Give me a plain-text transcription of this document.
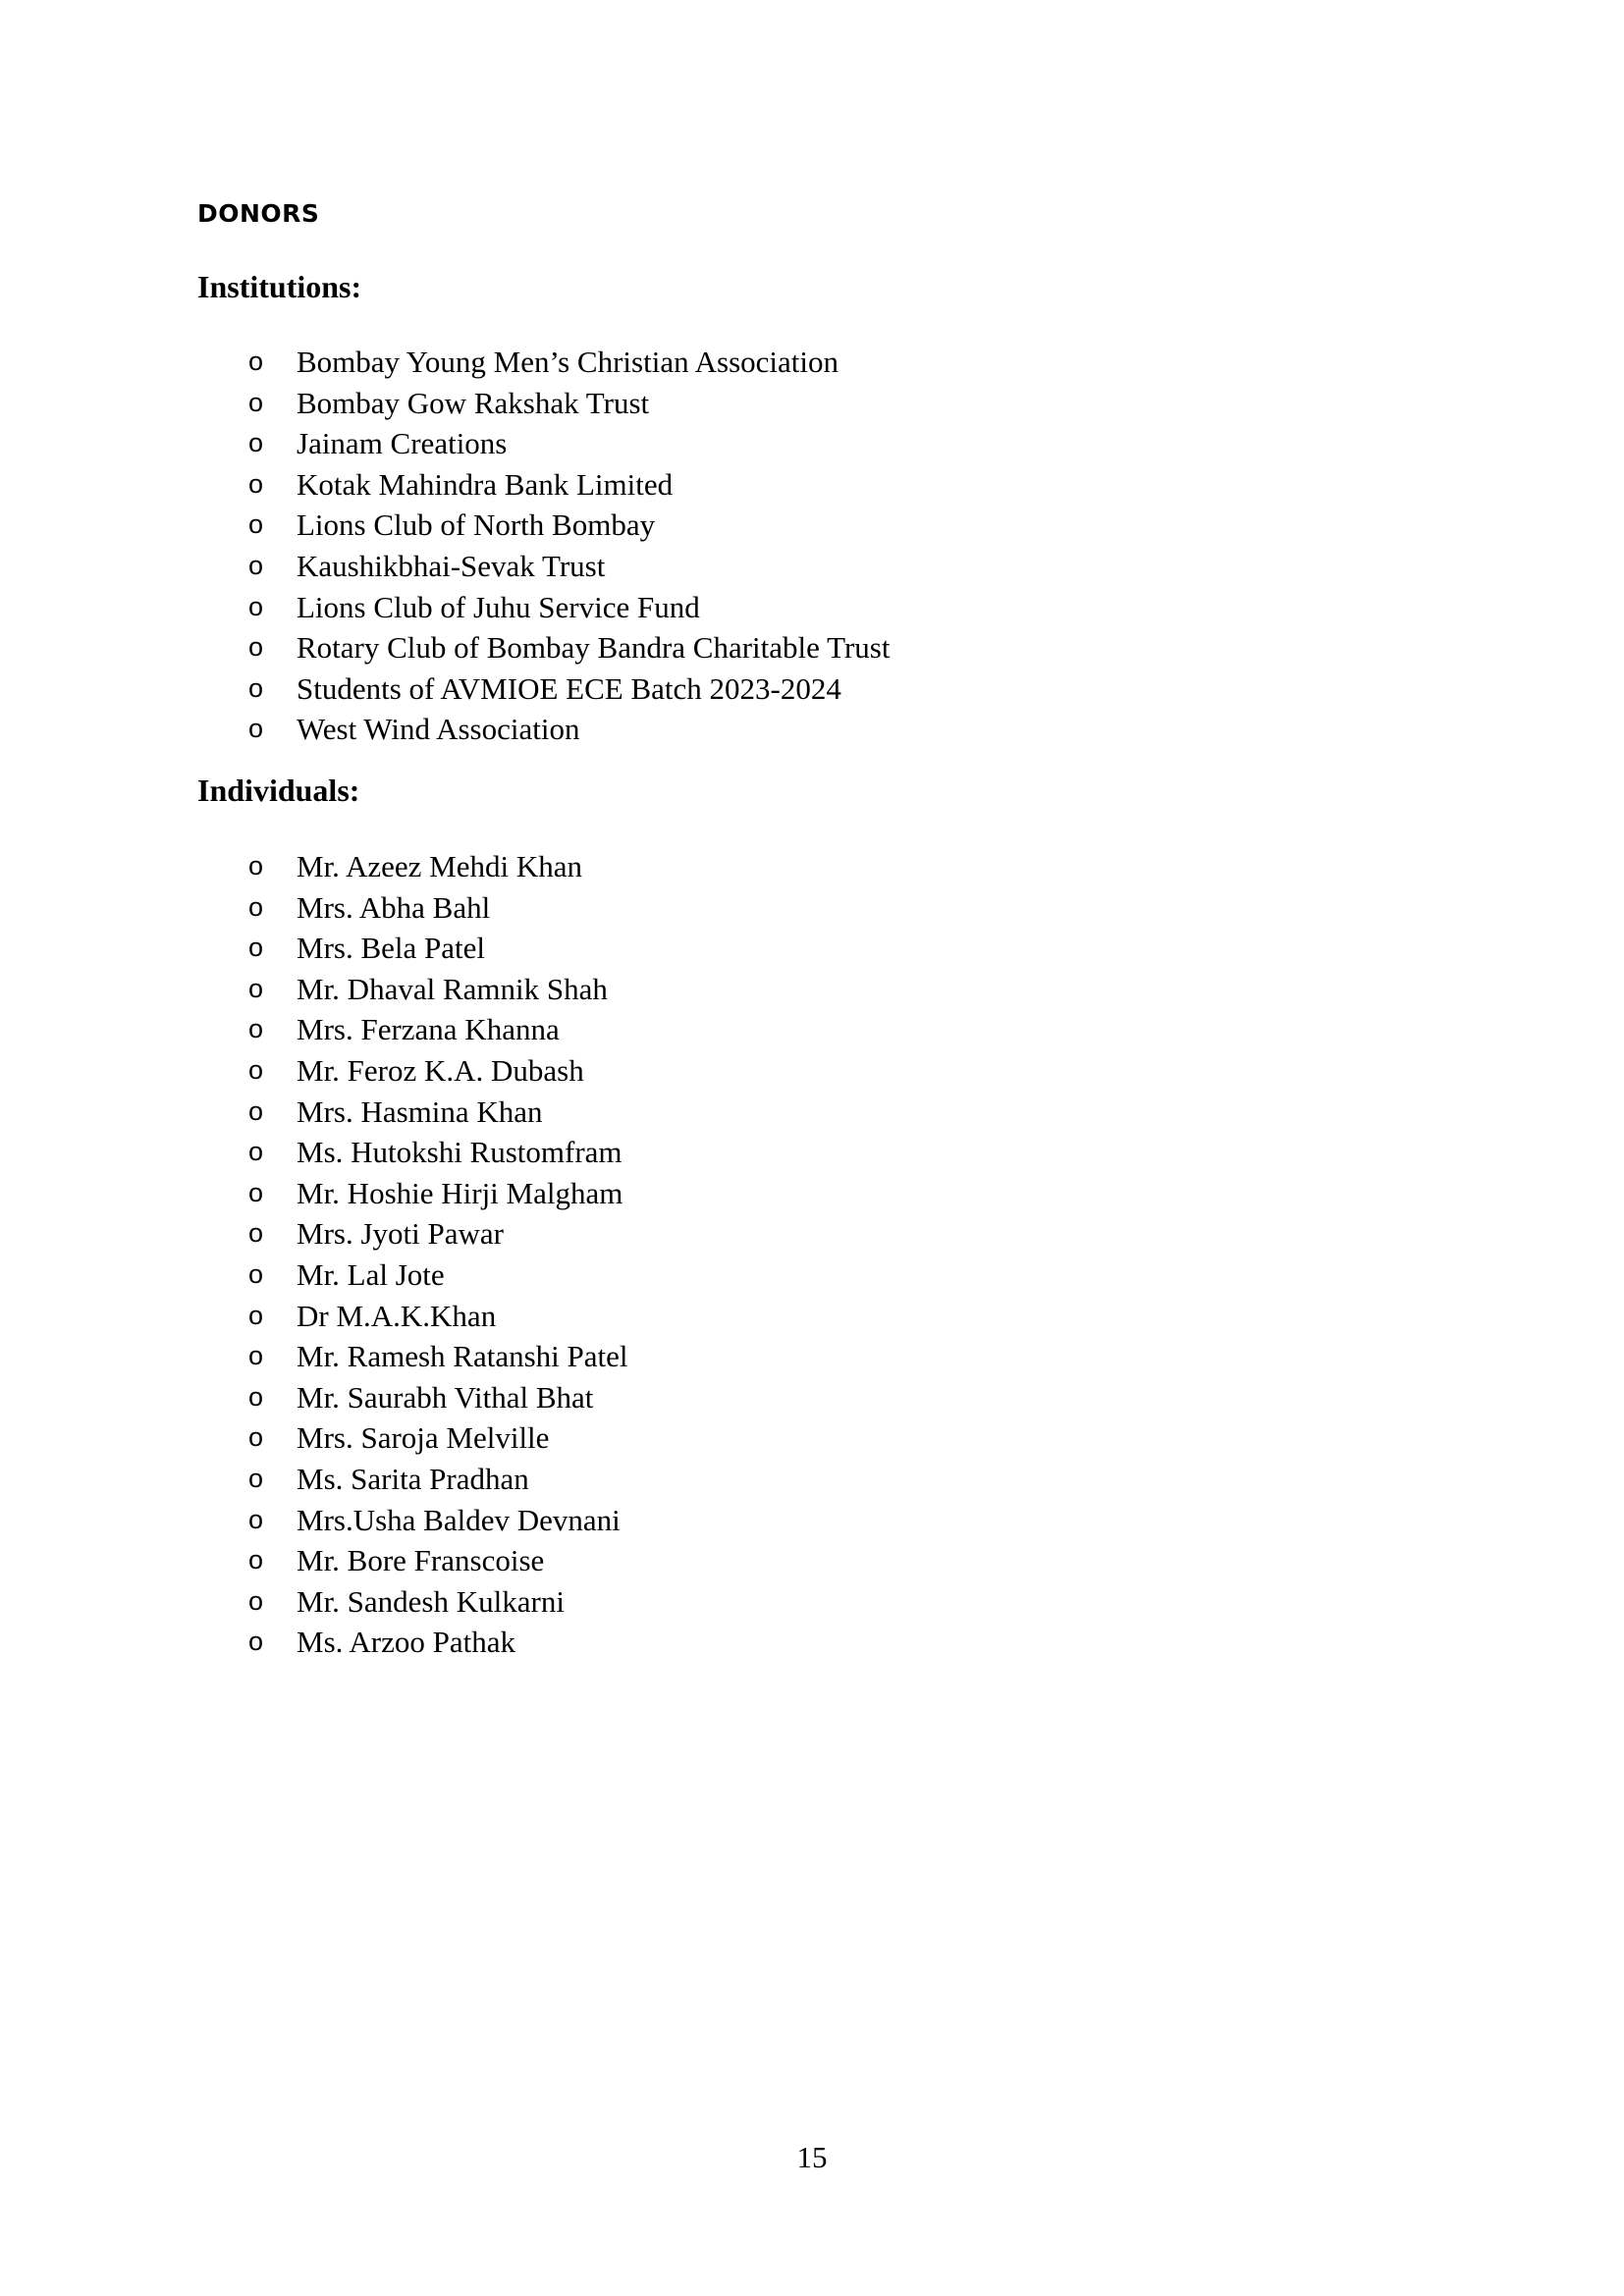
DONORS
Institutions:
o Bombay Young Men’s Christian Association
o Bombay Gow Rakshak Trust
o Jainam Creations
o Kotak Mahindra Bank Limited
o Lions Club of North Bombay
o Kaushikbhai-Sevak Trust
o Lions Club of Juhu Service Fund
o Rotary Club of Bombay Bandra Charitable Trust
o Students of AVMIOE ECE Batch 2023-2024
o West Wind Association
Individuals:
o Mr. Azeez Mehdi Khan
o Mrs. Abha Bahl
o Mrs. Bela Patel
o Mr. Dhaval Ramnik Shah
o Mrs. Ferzana Khanna
o Mr. Feroz K.A. Dubash
o Mrs. Hasmina Khan
o Ms. Hutokshi Rustomfram
o Mr. Hoshie Hirji Malgham
o Mrs. Jyoti Pawar
o Mr. Lal Jote
o Dr M.A.K.Khan
o Mr. Ramesh Ratanshi Patel
o Mr. Saurabh Vithal Bhat
o Mrs. Saroja Melville
o Ms. Sarita Pradhan
o Mrs.Usha Baldev Devnani
o Mr. Bore Franscoise
o Mr. Sandesh Kulkarni
o Ms. Arzoo Pathak

15
